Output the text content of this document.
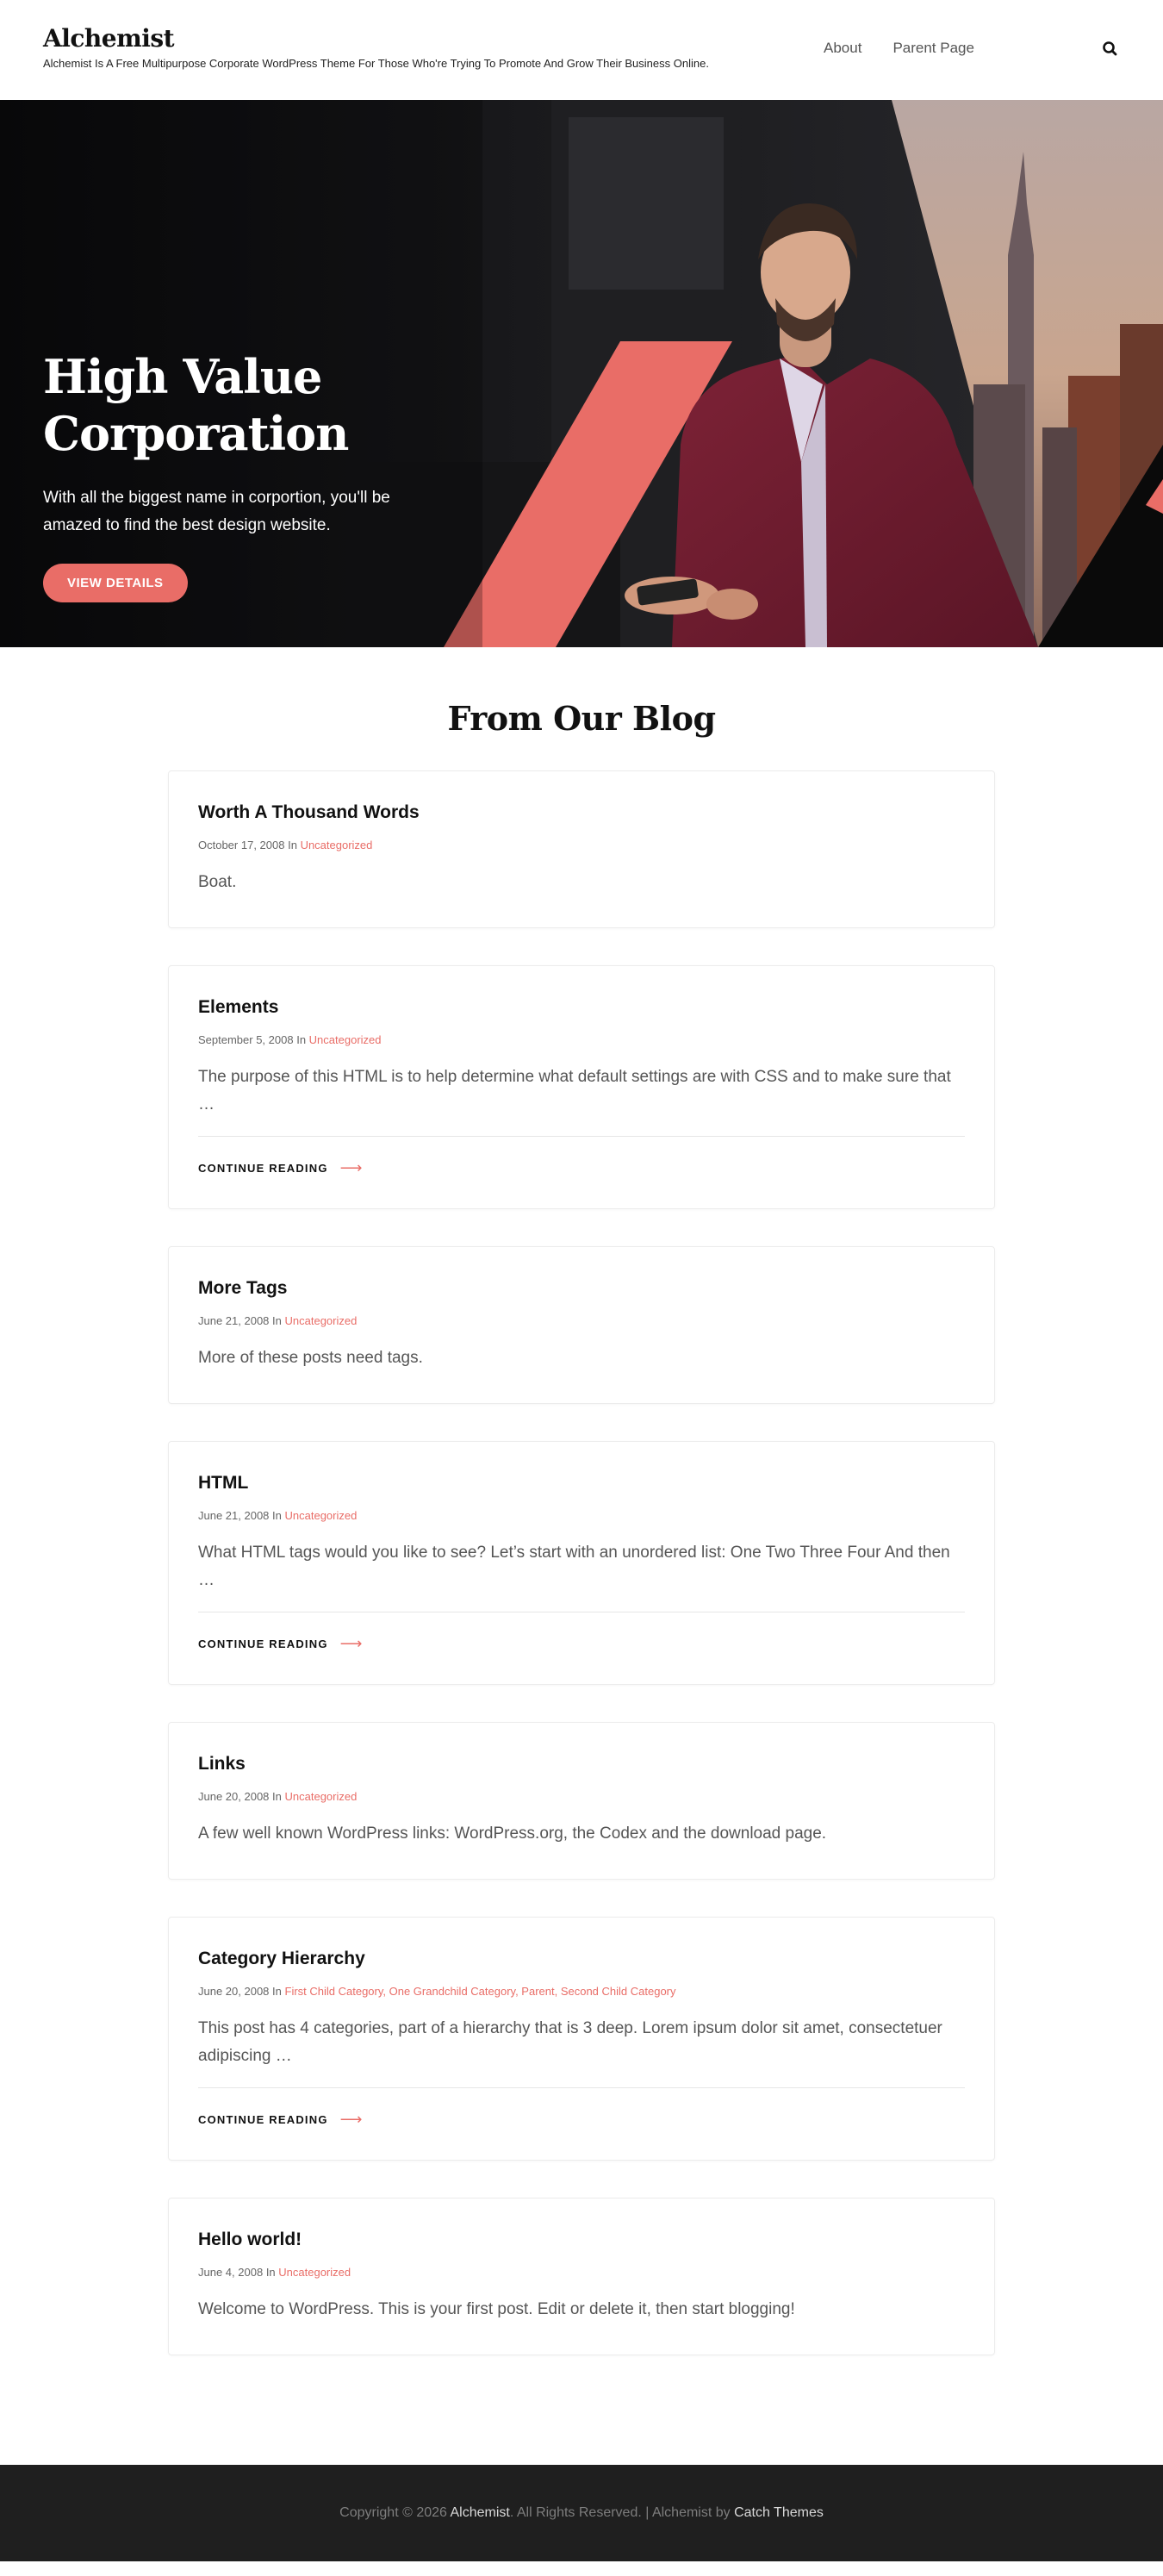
Alchemist
Alchemist Is A Free Multipurpose Corporate WordPress Theme For Those Who're Trying To Promote And Grow Their Business Online.
About Parent Page
High Value
Corporation

With all the biggest name in corportion, you'll be amazed to find the best design website.

VIEW DETAILS
From Our Blog
Worth A Thousand Words
October 17, 2008 In Uncategorized

Boat.

Elements
September 5, 2008 In Uncategorized

The purpose of this HTML is to help determine what default settings are with CSS and to make sure that …

CONTINUE READING ⟶
More Tags
June 21, 2008 In Uncategorized

More of these posts need tags.

HTML
June 21, 2008 In Uncategorized

What HTML tags would you like to see? Let’s start with an unordered list: One Two Three Four And then …

CONTINUE READING ⟶
Links
June 20, 2008 In Uncategorized

A few well known WordPress links: WordPress.org, the Codex and the download page.

Category Hierarchy
June 20, 2008 In First Child Category, One Grandchild Category, Parent, Second Child Category

This post has 4 categories, part of a hierarchy that is 3 deep. Lorem ipsum dolor sit amet, consectetuer adipiscing …

CONTINUE READING ⟶
Hello world!
June 4, 2008 In Uncategorized

Welcome to WordPress. This is your first post. Edit or delete it, then start blogging!

Copyright © 2026 Alchemist. All Rights Reserved. | Alchemist by Catch Themes
